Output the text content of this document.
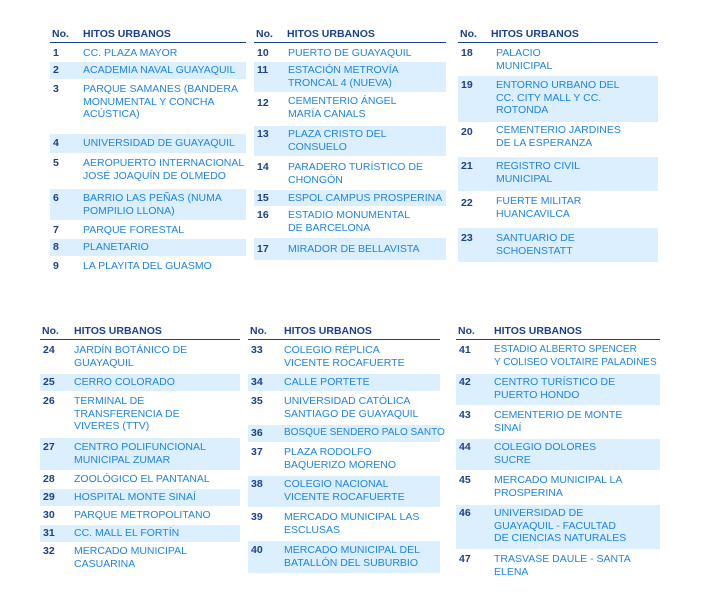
No. HITOS URBANOS
1 CC. PLAZA MAYOR
2 ACADEMIA NAVAL GUAYAQUIL
3 PARQUE SAMANES (BANDERA
MONUMENTAL Y CONCHA
ACÚSTICA)
4 UNIVERSIDAD DE GUAYAQUIL
5 AEROPUERTO INTERNACIONAL
JOSÉ JOAQUÍN DE OLMEDO
6 BARRIO LAS PEÑAS (NUMA
POMPILIO LLONA)
7 PARQUE FORESTAL
8 PLANETARIO
9 LA PLAYITA DEL GUASMO
No. HITOS URBANOS
10 PUERTO DE GUAYAQUIL
11 ESTACIÓN METROVÍA
TRONCAL 4 (NUEVA)
12 CEMENTERIO ÁNGEL
MARÍA CANALS
13 PLAZA CRISTO DEL
CONSUELO
14 PARADERO TURÍSTICO DE
CHONGÓN
15 ESPOL CAMPUS PROSPERINA
16 ESTADIO MONUMENTAL
DE BARCELONA
17 MIRADOR DE BELLAVISTA
No. HITOS URBANOS
18 PALACIO
MUNICIPAL
19 ENTORNO URBANO DEL
CC. CITY MALL Y CC.
ROTONDA
20 CEMENTERIO JARDINES
DE LA ESPERANZA
21 REGISTRO CIVIL
MUNICIPAL
22 FUERTE MILITAR
HUANCAVILCA
23 SANTUARIO DE
SCHOENSTATT
No. HITOS URBANOS
24 JARDÍN BOTÁNICO DE
GUAYAQUIL
25 CERRO COLORADO
26 TERMINAL DE
TRANSFERENCIA DE
VIVERES (TTV)
27 CENTRO POLIFUNCIONAL
MUNICIPAL ZUMAR
28 ZOOLÓGICO EL PANTANAL
29 HOSPITAL MONTE SINAÍ
30 PARQUE METROPOLITANO
31 CC. MALL EL FORTÍN
32 MERCADO MUNICIPAL
CASUARINA
No. HITOS URBANOS
33 COLEGIO RÉPLICA
VICENTE ROCAFUERTE
34 CALLE PORTETE
35 UNIVERSIDAD CATÓLICA
SANTIAGO DE GUAYAQUIL
36 BOSQUE SENDERO PALO SANTO
37 PLAZA RODOLFO
BAQUERIZO MORENO
38 COLEGIO NACIONAL
VICENTE ROCAFUERTE
39 MERCADO MUNICIPAL LAS
ESCLUSAS
40 MERCADO MUNICIPAL DEL
BATALLÓN DEL SUBURBIO
No. HITOS URBANOS
41 ESTADIO ALBERTO SPENCER
Y COLISEO VOLTAIRE PALADINES
42 CENTRO TURÍSTICO DE
PUERTO HONDO
43 CEMENTERIO DE MONTE
SINAÍ
44 COLEGIO DOLORES
SUCRE
45 MERCADO MUNICIPAL LA
PROSPERINA
46 UNIVERSIDAD DE
GUAYAQUIL - FACULTAD
DE CIENCIAS NATURALES
47 TRASVASE DAULE - SANTA
ELENA
